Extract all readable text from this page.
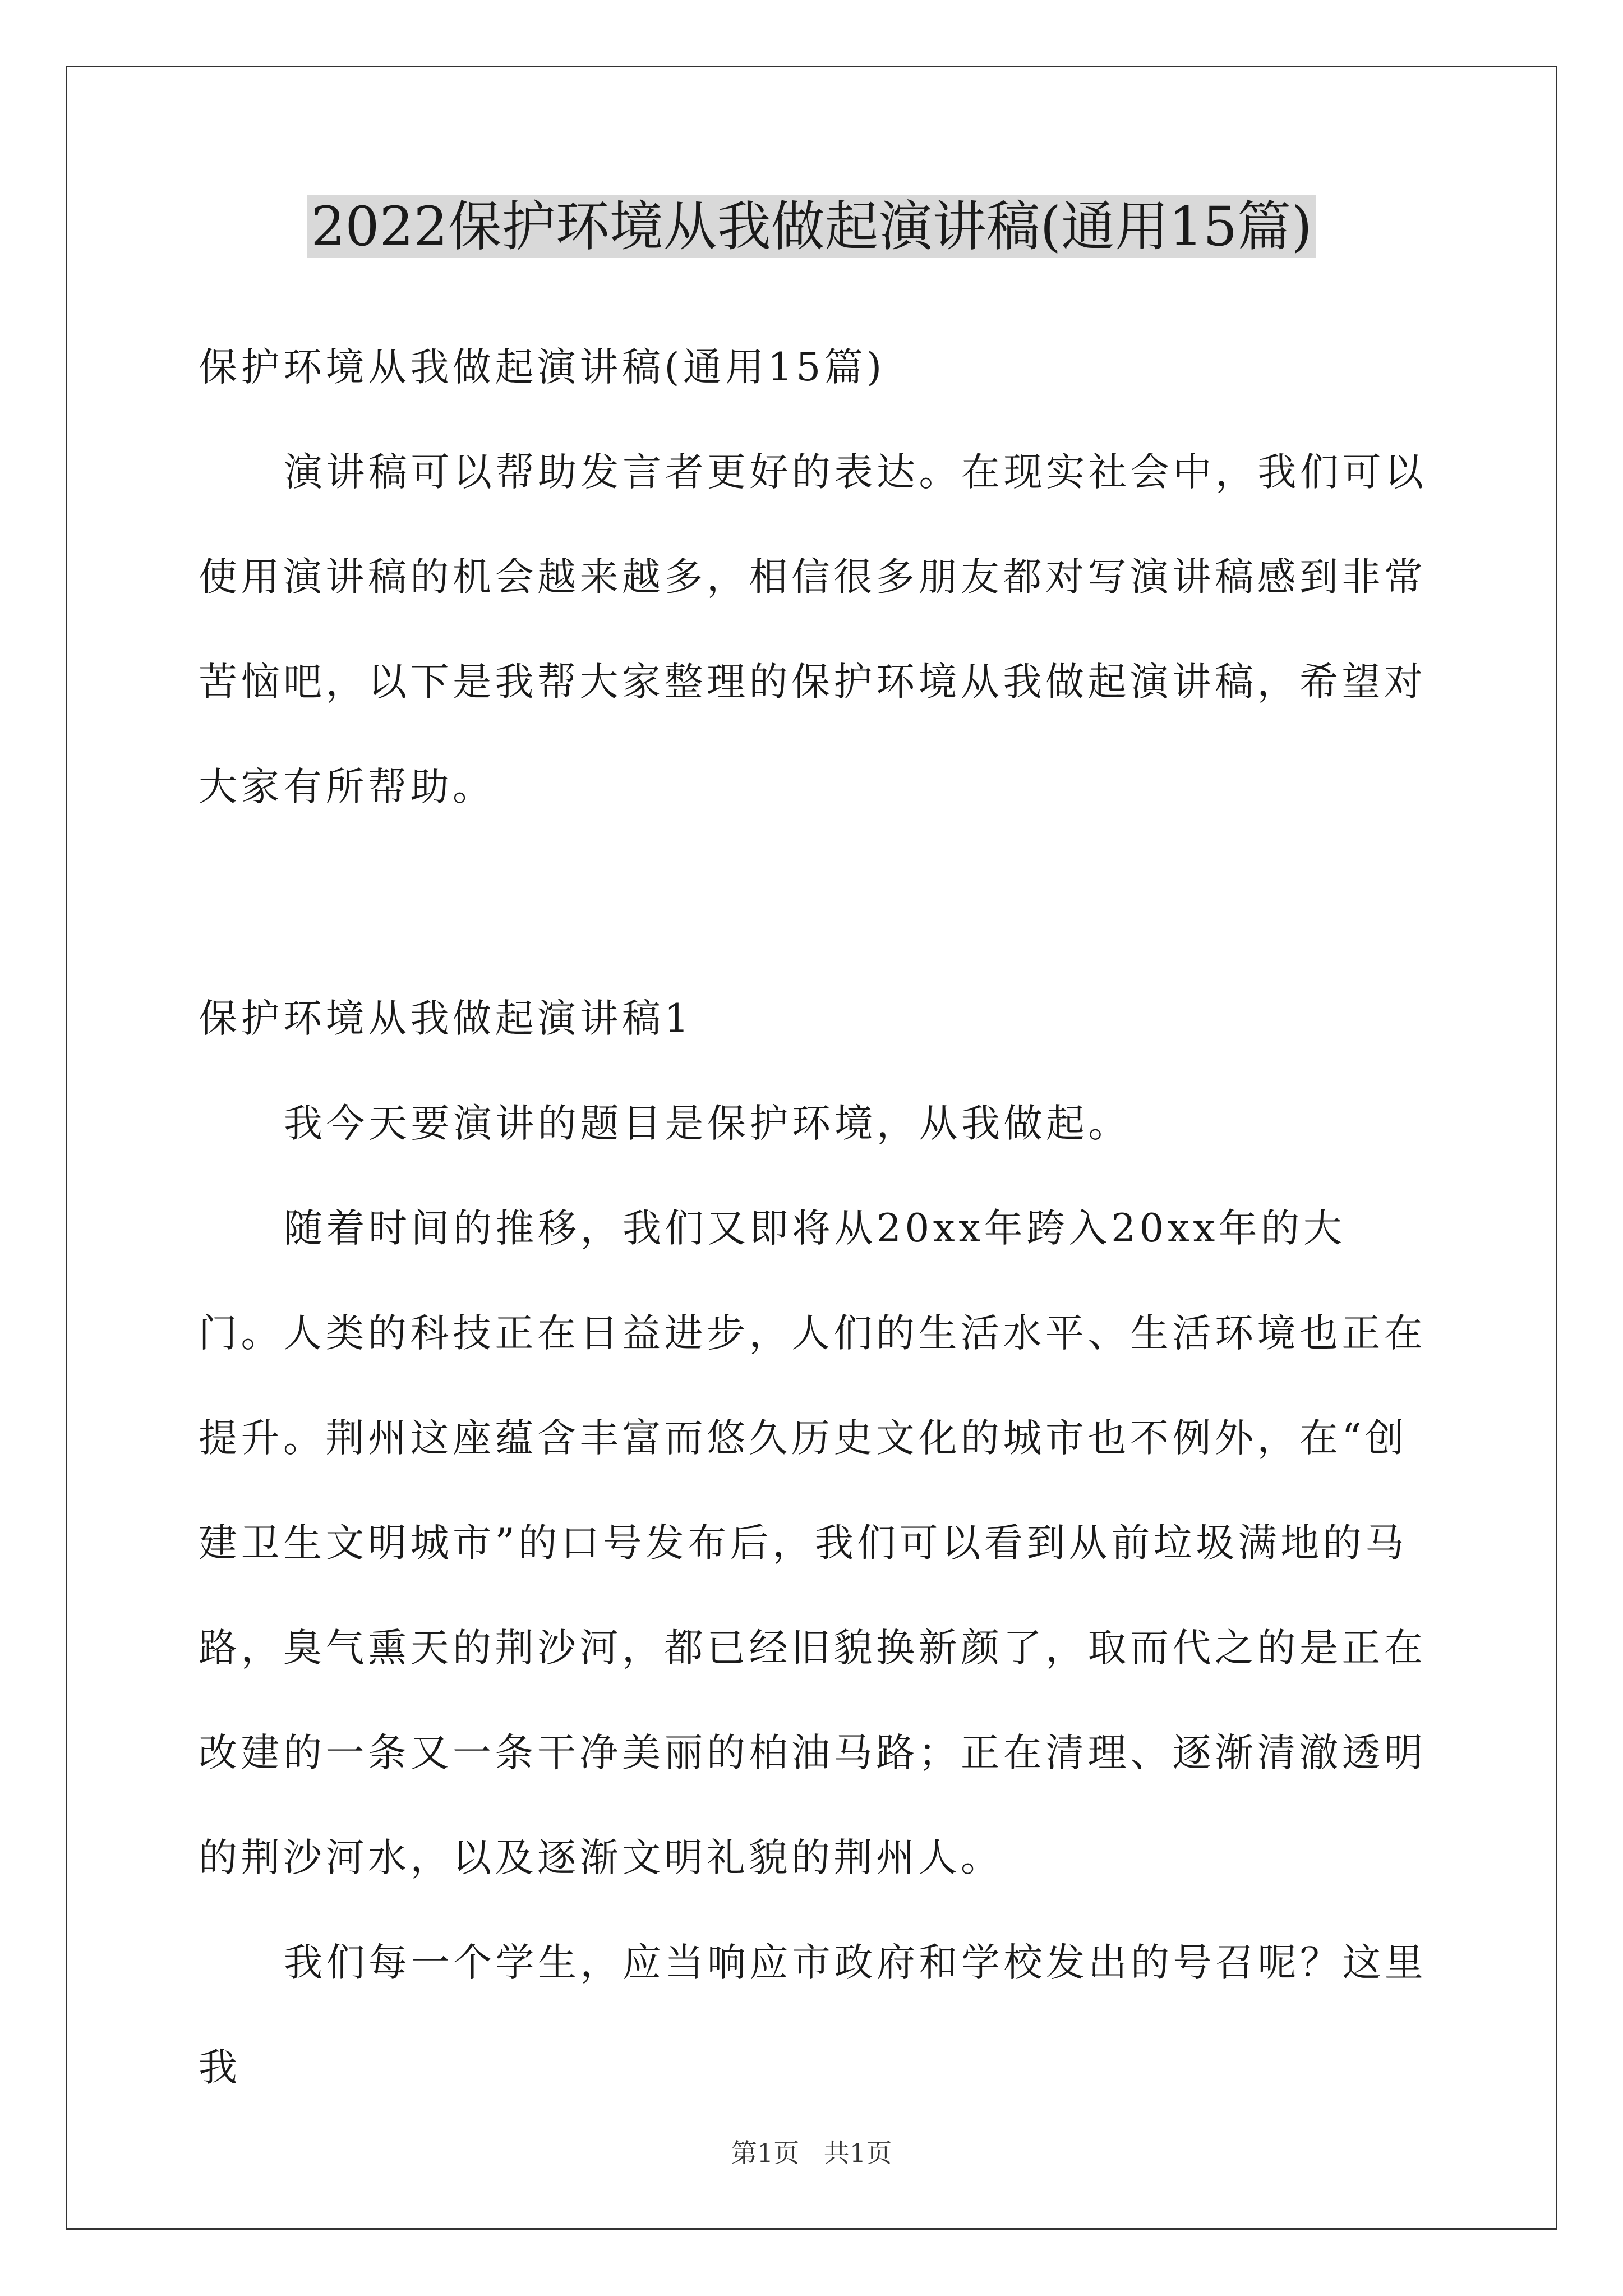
2022保护环境从我做起演讲稿(通用15篇)

保护环境从我做起演讲稿(通用15篇)

演讲稿可以帮助发言者更好的表达。在现实社会中，我们可以使用演讲稿的机会越来越多，相信很多朋友都对写演讲稿感到非常苦恼吧，以下是我帮大家整理的保护环境从我做起演讲稿，希望对大家有所帮助。

保护环境从我做起演讲稿1

我今天要演讲的题目是保护环境，从我做起。

随着时间的推移，我们又即将从20xx年跨入20xx年的大门。人类的科技正在日益进步，人们的生活水平、生活环境也正在提升。荆州这座蕴含丰富而悠久历史文化的城市也不例外，在“创建卫生文明城市”的口号发布后，我们可以看到从前垃圾满地的马路，臭气熏天的荆沙河，都已经旧貌换新颜了，取而代之的是正在改建的一条又一条干净美丽的柏油马路；正在清理、逐渐清澈透明的荆沙河水，以及逐渐文明礼貌的荆州人。

我们每一个学生，应当响应市政府和学校发出的号召呢？这里我

第1页   共1页
